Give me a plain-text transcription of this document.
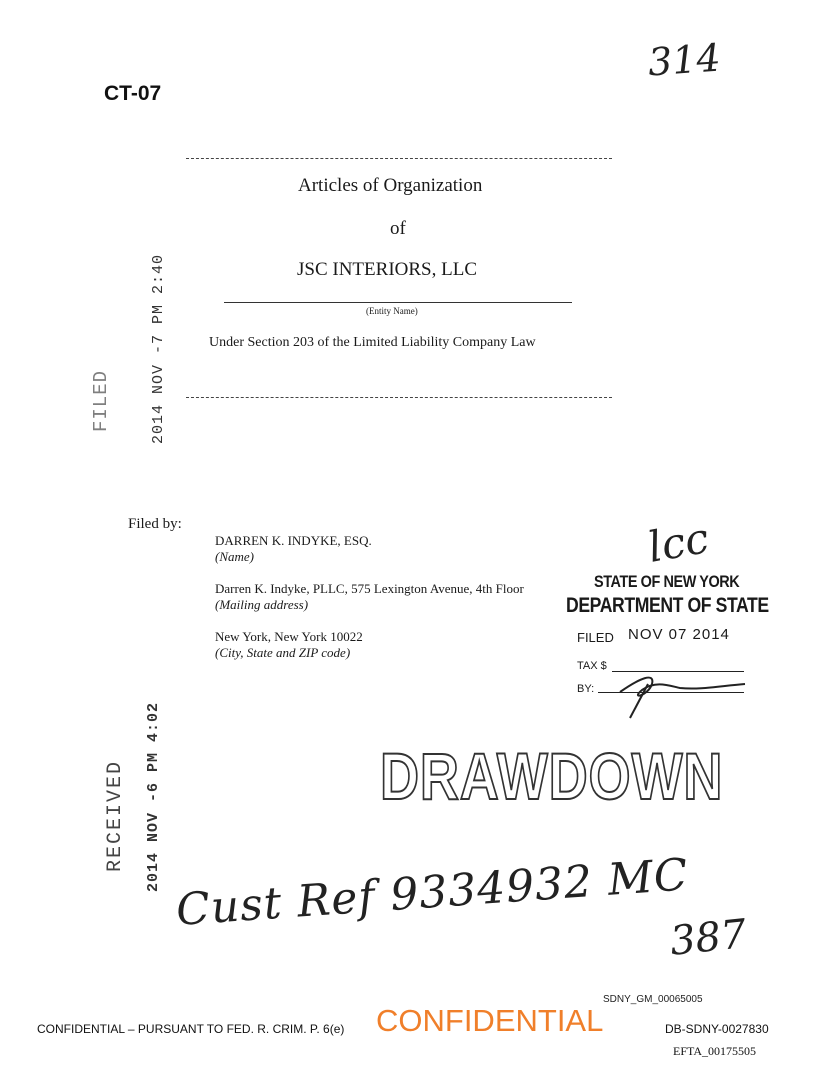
CT-07
314
Articles of Organization
of
JSC INTERIORS, LLC
(Entity Name)
Under Section 203 of the Limited Liability Company Law
2014 NOV -7 PM 2:40
FILED
Filed by:
DARREN K. INDYKE, ESQ.
(Name)
Darren K. Indyke, PLLC, 575 Lexington Avenue, 4th Floor
(Mailing address)
New York, New York 10022
(City, State and ZIP code)
lcc
STATE OF NEW YORK
DEPARTMENT OF STATE
FILED NOV 07 2014
TAX $
BY:
RECEIVED 2014 NOV -6 PM 4:02	DRAWDOWN
Cust Ref 9334932 MC
387
SDNY_GM_00065005
CONFIDENTIAL – PURSUANT TO FED. R. CRIM. P. 6(e) CONFIDENTIAL	DB-SDNY-0027830
EFTA_00175505
